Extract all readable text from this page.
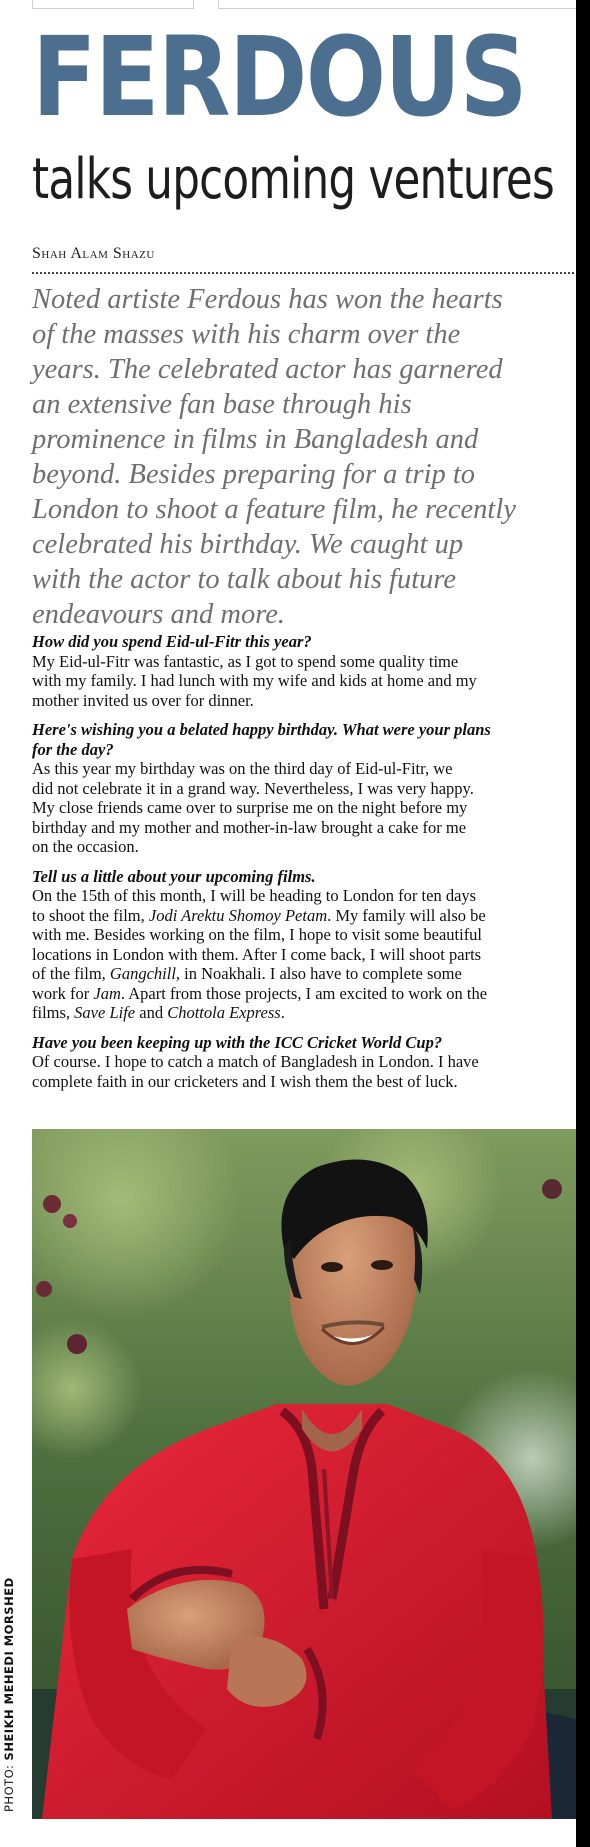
FERDOUS
talks upcoming ventures
Shah Alam Shazu
Noted artiste Ferdous has won the hearts
of the masses with his charm over the
years. The celebrated actor has garnered
an extensive fan base through his
prominence in films in Bangladesh and
beyond. Besides preparing for a trip to
London to shoot a feature film, he recently
celebrated his birthday. We caught up
with the actor to talk about his future
endeavours and more.

How did you spend Eid-ul-Fitr this year?

My Eid-ul-Fitr was fantastic, as I got to spend some quality time
with my family. I had lunch with my wife and kids at home and my
mother invited us over for dinner.

Here's wishing you a belated happy birthday. What were your plans
for the day?

As this year my birthday was on the third day of Eid-ul-Fitr, we
did not celebrate it in a grand way. Nevertheless, I was very happy.
My close friends came over to surprise me on the night before my
birthday and my mother and mother-in-law brought a cake for me
on the occasion.

Tell us a little about your upcoming films.

On the 15th of this month, I will be heading to London for ten days
to shoot the film, Jodi Arektu Shomoy Petam. My family will also be
with me. Besides working on the film, I hope to visit some beautiful
locations in London with them. After I come back, I will shoot parts
of the film, Gangchill, in Noakhali. I also have to complete some
work for Jam. Apart from those projects, I am excited to work on the
films, Save Life and Chottola Express.

Have you been keeping up with the ICC Cricket World Cup?

Of course. I hope to catch a match of Bangladesh in London. I have
complete faith in our cricketers and I wish them the best of luck.

PHOTO: SHEIKH MEHEDI MORSHED
